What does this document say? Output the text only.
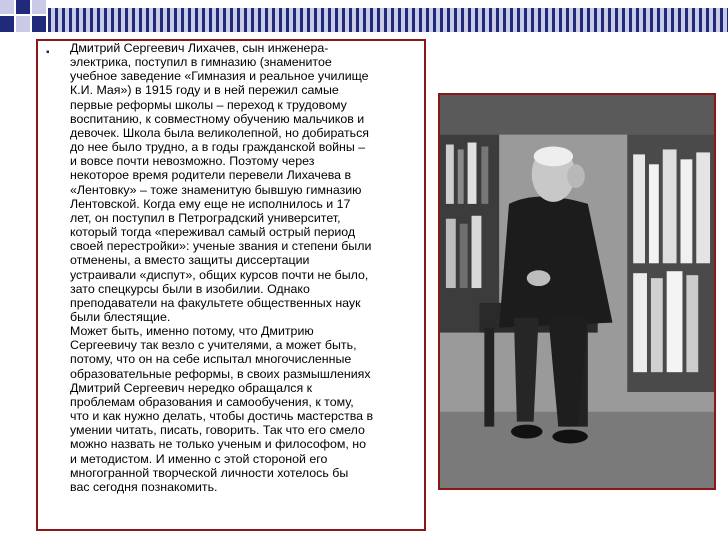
▪ Дмитрий Сергеевич Лихачев, сын инженера-
электрика, поступил в гимназию (знаменитое
учебное заведение «Гимназия и реальное училище
К.И. Мая») в 1915 году и в ней пережил самые
первые реформы школы – переход к трудовому
воспитанию, к совместному обучению мальчиков и
девочек. Школа была великолепной, но добираться
до нее было трудно, а в годы гражданской войны –
и вовсе почти невозможно. Поэтому через
некоторое время родители перевели Лихачева в
«Лентовку» – тоже знаменитую бывшую гимназию
Лентовской. Когда ему еще не исполнилось и 17
лет, он поступил в Петроградский университет,
который тогда «переживал самый острый период
своей перестройки»: ученые звания и степени были
отменены, а вместо защиты диссертации
устраивали «диспут», общих курсов почти не было,
зато спецкурсы были в изобилии. Однако
преподаватели на факультете общественных наук
были блестящие.
Может быть, именно потому, что Дмитрию
Сергеевичу так везло с учителями, а может быть,
потому, что он на себе испытал многочисленные
образовательные реформы, в своих размышлениях
Дмитрий Сергеевич нередко обращался к
проблемам образования и самообучения, к тому,
что и как нужно делать, чтобы достичь мастерства в
умении читать, писать, говорить. Так что его смело
можно назвать не только ученым и философом, но
и методистом. И именно с этой стороной его
многогранной творческой личности хотелось бы
вас сегодня познакомить.
